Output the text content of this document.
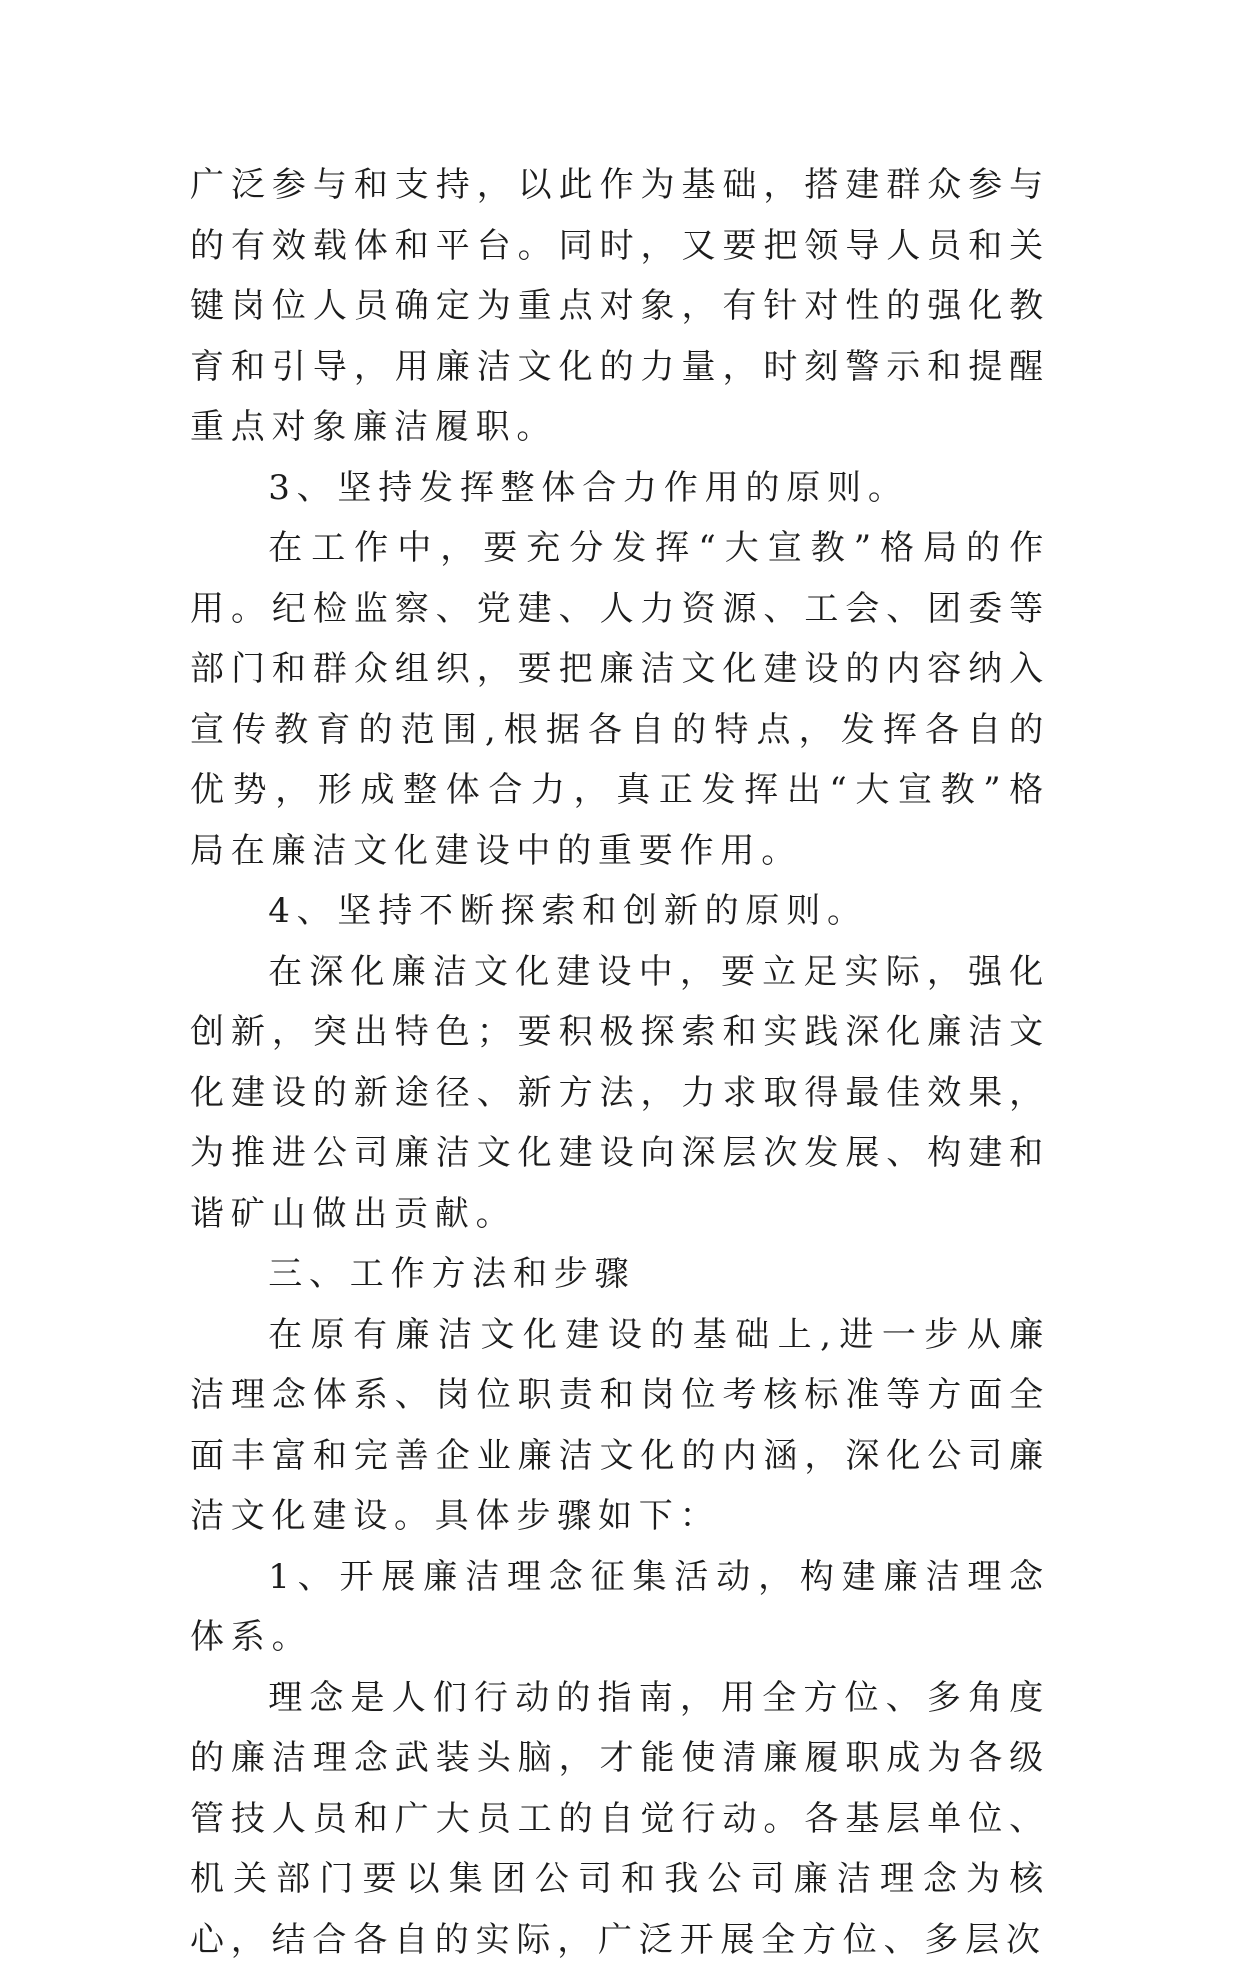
广泛参与和支持，以此作为基础，搭建群众参与的有效载体和平台。同时，又要把领导人员和关键岗位人员确定为重点对象，有针对性的强化教育和引导，用廉洁文化的力量，时刻警示和提醒重点对象廉洁履职。

3、坚持发挥整体合力作用的原则。

在工作中，要充分发挥“大宣教”格局的作用。纪检监察、党建、人力资源、工会、团委等部门和群众组织，要把廉洁文化建设的内容纳入宣传教育的范围,根据各自的特点，发挥各自的优势，形成整体合力，真正发挥出“大宣教”格局在廉洁文化建设中的重要作用。

4、坚持不断探索和创新的原则。

在深化廉洁文化建设中，要立足实际，强化创新，突出特色；要积极探索和实践深化廉洁文化建设的新途径、新方法，力求取得最佳效果，为推进公司廉洁文化建设向深层次发展、构建和谐矿山做出贡献。

三、工作方法和步骤

在原有廉洁文化建设的基础上,进一步从廉洁理念体系、岗位职责和岗位考核标准等方面全面丰富和完善企业廉洁文化的内涵，深化公司廉洁文化建设。具体步骤如下：

1、开展廉洁理念征集活动，构建廉洁理念体系。

理念是人们行动的指南，用全方位、多角度的廉洁理念武装头脑，才能使清廉履职成为各级管技人员和广大员工的自觉行动。各基层单位、机关部门要以集团公司和我公司廉洁理念为核心，结合各自的实际，广泛开展全方位、多层次
